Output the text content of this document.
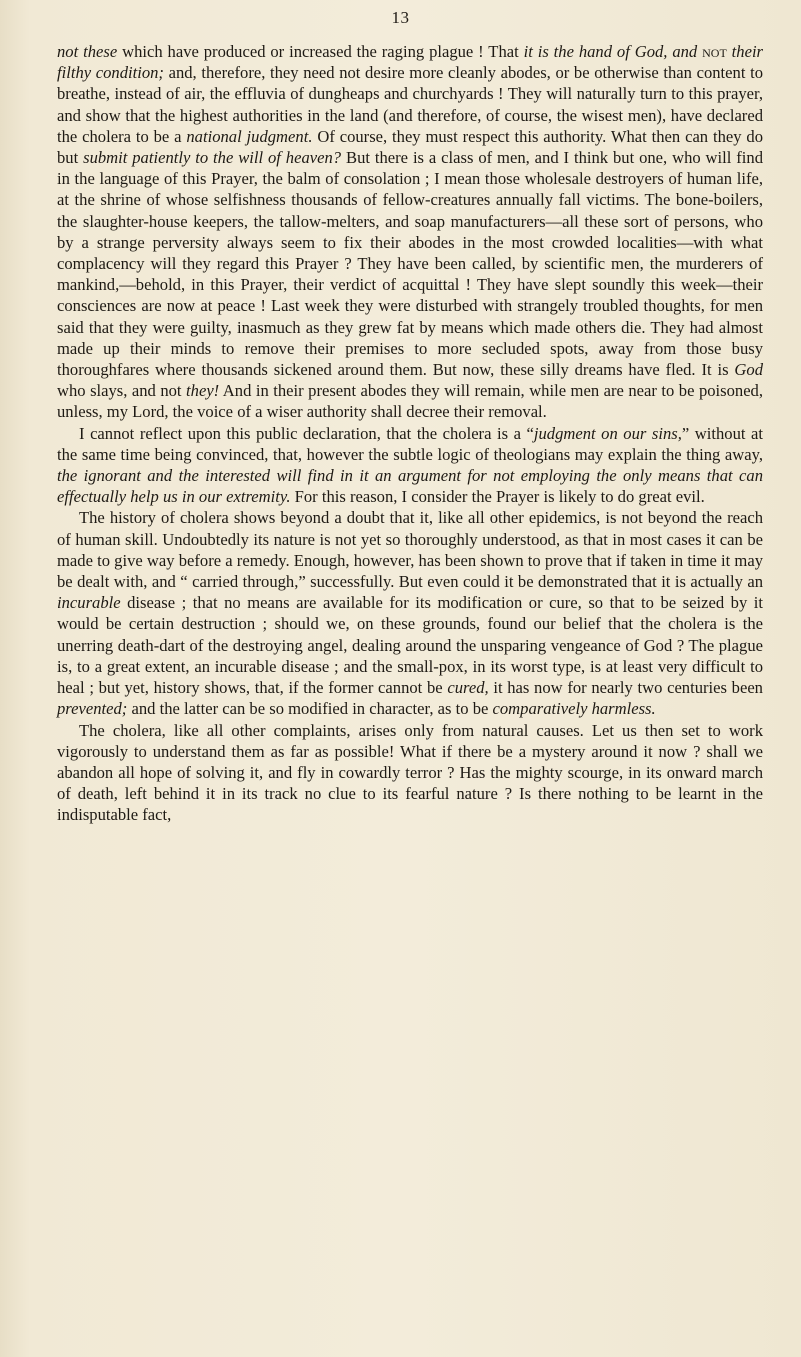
13

not these which have produced or increased the raging plague ! That it is the hand of God, and not their filthy condition; and, therefore, they need not desire more cleanly abodes, or be otherwise than content to breathe, instead of air, the effluvia of dungheaps and churchyards ! They will naturally turn to this prayer, and show that the highest authorities in the land (and therefore, of course, the wisest men), have declared the cholera to be a national judgment. Of course, they must respect this authority. What then can they do but submit patiently to the will of heaven? But there is a class of men, and I think but one, who will find in the language of this Prayer, the balm of consolation ; I mean those wholesale destroyers of human life, at the shrine of whose selfishness thousands of fellow-creatures annually fall victims. The bone-boilers, the slaughter-house keepers, the tallow-melters, and soap manufacturers—all these sort of persons, who by a strange perversity always seem to fix their abodes in the most crowded localities—with what complacency will they regard this Prayer ? They have been called, by scientific men, the murderers of mankind,—behold, in this Prayer, their verdict of acquittal ! They have slept soundly this week—their consciences are now at peace ! Last week they were disturbed with strangely troubled thoughts, for men said that they were guilty, inasmuch as they grew fat by means which made others die. They had almost made up their minds to remove their premises to more secluded spots, away from those busy thoroughfares where thousands sickened around them. But now, these silly dreams have fled. It is God who slays, and not they! And in their present abodes they will remain, while men are near to be poisoned, unless, my Lord, the voice of a wiser authority shall decree their removal.

I cannot reflect upon this public declaration, that the cholera is a “judgment on our sins,” without at the same time being convinced, that, however the subtle logic of theologians may explain the thing away, the ignorant and the interested will find in it an argument for not employing the only means that can effectually help us in our extremity. For this reason, I consider the Prayer is likely to do great evil.

The history of cholera shows beyond a doubt that it, like all other epidemics, is not beyond the reach of human skill. Undoubtedly its nature is not yet so thoroughly understood, as that in most cases it can be made to give way before a remedy. Enough, however, has been shown to prove that if taken in time it may be dealt with, and “ carried through,” successfully. But even could it be demonstrated that it is actually an incurable disease ; that no means are available for its modification or cure, so that to be seized by it would be certain destruction ; should we, on these grounds, found our belief that the cholera is the unerring death-dart of the destroying angel, dealing around the unsparing vengeance of God ? The plague is, to a great extent, an incurable disease ; and the small-pox, in its worst type, is at least very difficult to heal ; but yet, history shows, that, if the former cannot be cured, it has now for nearly two centuries been prevented; and the latter can be so modified in character, as to be comparatively harmless.

The cholera, like all other complaints, arises only from natural causes. Let us then set to work vigorously to understand them as far as possible! What if there be a mystery around it now ? shall we abandon all hope of solving it, and fly in cowardly terror ? Has the mighty scourge, in its onward march of death, left behind it in its track no clue to its fearful nature ? Is there nothing to be learnt in the indisputable fact,
